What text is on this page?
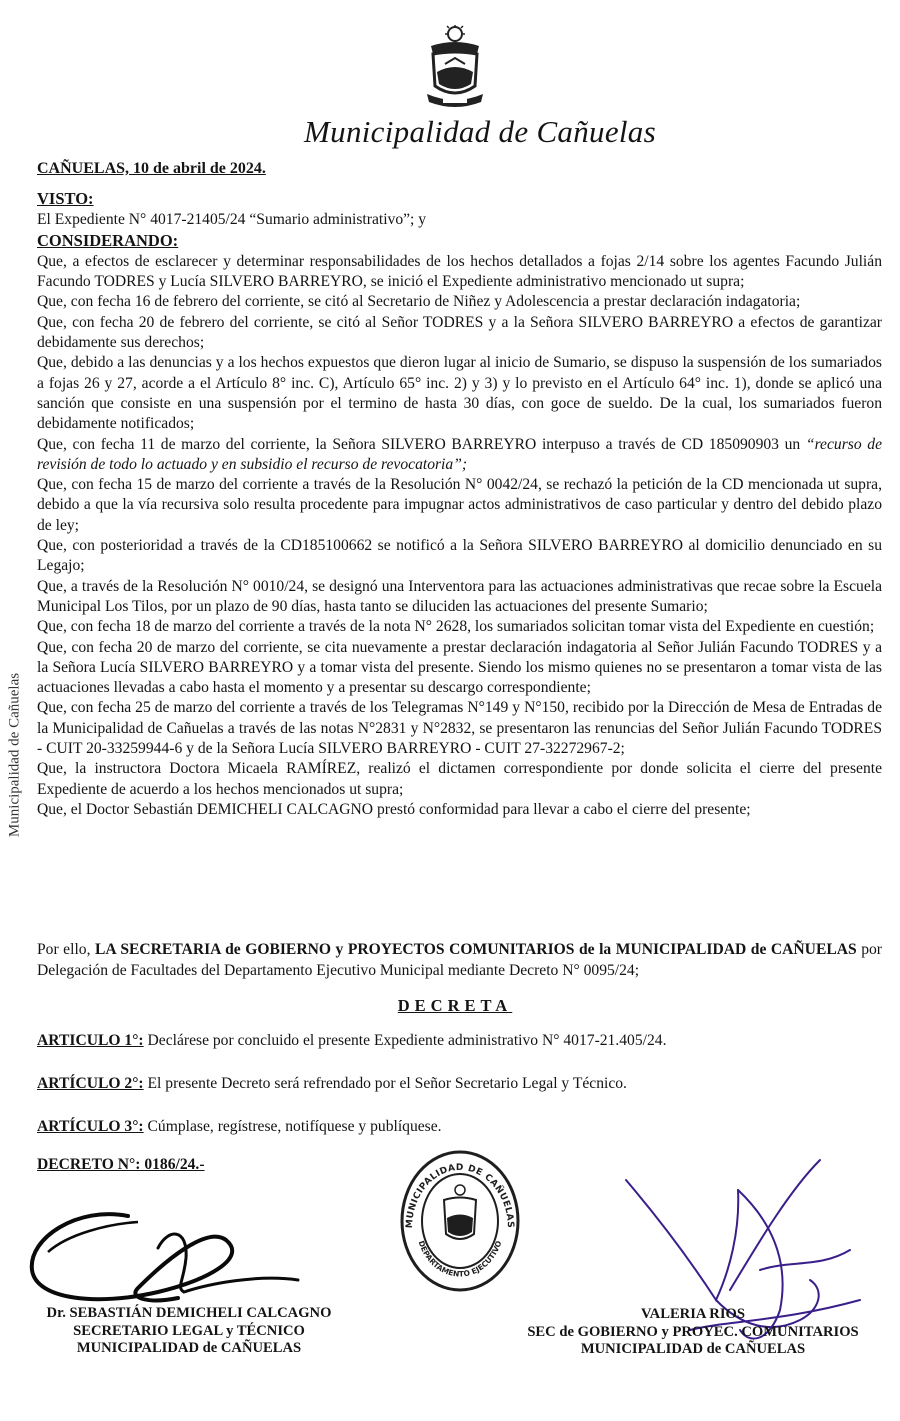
Municipalidad de Cañuelas
CAÑUELAS, 10 de abril de 2024.

VISTO:

El Expediente N° 4017-21405/24 “Sumario administrativo”; y

CONSIDERANDO:

Que, a efectos de esclarecer y determinar responsabilidades de los hechos detallados a fojas 2/14 sobre los agentes Facundo Julián Facundo TODRES y Lucía SILVERO BARREYRO, se inició el Expediente administrativo mencionado ut supra;

Que, con fecha 16 de febrero del corriente, se citó al Secretario de Niñez y Adolescencia a prestar declaración indagatoria;

Que, con fecha 20 de febrero del corriente, se citó al Señor TODRES y a la Señora SILVERO BARREYRO a efectos de garantizar debidamente sus derechos;

Que, debido a las denuncias y a los hechos expuestos que dieron lugar al inicio de Sumario, se dispuso la suspensión de los sumariados a fojas 26 y 27, acorde a el Artículo 8° inc. C), Artículo 65° inc. 2) y 3) y lo previsto en el Artículo 64° inc. 1), donde se aplicó una sanción que consiste en una suspensión por el termino de hasta 30 días, con goce de sueldo. De la cual, los sumariados fueron debidamente notificados;

Que, con fecha 11 de marzo del corriente, la Señora SILVERO BARREYRO interpuso a través de CD 185090903 un “recurso de revisión de todo lo actuado y en subsidio el recurso de revocatoria”;

Que, con fecha 15 de marzo del corriente a través de la Resolución N° 0042/24, se rechazó la petición de la CD mencionada ut supra, debido a que la vía recursiva solo resulta procedente para impugnar actos administrativos de caso particular y dentro del debido plazo de ley;

Que, con posterioridad a través de la CD185100662 se notificó a la Señora SILVERO BARREYRO al domicilio denunciado en su Legajo;

Que, a través de la Resolución N° 0010/24, se designó una Interventora para las actuaciones administrativas que recae sobre la Escuela Municipal Los Tilos, por un plazo de 90 días, hasta tanto se diluciden las actuaciones del presente Sumario;

Que, con fecha 18 de marzo del corriente a través de la nota N° 2628, los sumariados solicitan tomar vista del Expediente en cuestión;

Que, con fecha 20 de marzo del corriente, se cita nuevamente a prestar declaración indagatoria al Señor Julián Facundo TODRES y a la Señora Lucía SILVERO BARREYRO y a tomar vista del presente. Siendo los mismo quienes no se presentaron a tomar vista de las actuaciones llevadas a cabo hasta el momento y a presentar su descargo correspondiente;

Que, con fecha 25 de marzo del corriente a través de los Telegramas N°149 y N°150, recibido por la Dirección de Mesa de Entradas de la Municipalidad de Cañuelas a través de las notas N°2831 y N°2832, se presentaron las renuncias del Señor Julián Facundo TODRES - CUIT 20-33259944-6 y de la Señora Lucía SILVERO BARREYRO - CUIT 27-32272967-2;

Que, la instructora Doctora Micaela RAMÍREZ, realizó el dictamen correspondiente por donde solicita el cierre del presente Expediente de acuerdo a los hechos mencionados ut supra;

Que, el Doctor Sebastián DEMICHELI CALCAGNO prestó conformidad para llevar a cabo el cierre del presente;

Por ello, LA SECRETARIA de GOBIERNO y PROYECTOS COMUNITARIOS de la MUNICIPALIDAD de CAÑUELAS por Delegación de Facultades del Departamento Ejecutivo Municipal mediante Decreto N° 0095/24;
DECRETA
ARTICULO 1°: Declárese por concluido el presente Expediente administrativo N° 4017-21.405/24.
ARTÍCULO 2°: El presente Decreto será refrendado por el Señor Secretario Legal y Técnico.
ARTÍCULO 3°: Cúmplase, regístrese, notifíquese y publíquese.
DECRETO N°: 0186/24.-
Municipalidad de Cañuelas
MUNICIPALIDAD DE CAÑUELAS
DEPARTAMENTO EJECUTIVO
Dr. SEBASTIÁN DEMICHELI CALCAGNO
SECRETARIO LEGAL y TÉCNICO
MUNICIPALIDAD de CAÑUELAS
VALERIA RIOS
SEC de GOBIERNO y PROYEC. COMUNITARIOS
MUNICIPALIDAD de CAÑUELAS
